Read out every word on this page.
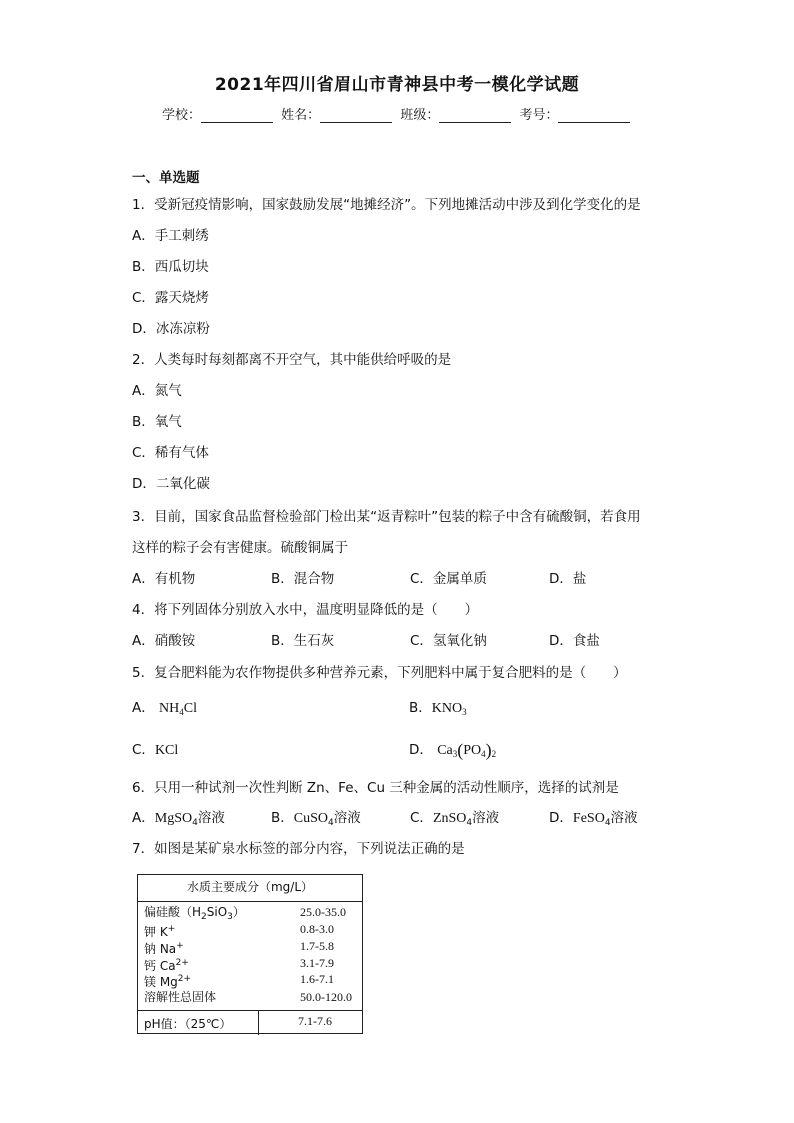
2021年四川省眉山市青神县中考一模化学试题
学校：	姓名：	班级：	考号：
一、单选题
1．受新冠疫情影响，国家鼓励发展“地摊经济”。下列地摊活动中涉及到化学变化的是
A．手工刺绣
B．西瓜切块
C．露天烧烤
D．冰冻凉粉
2．人类每时每刻都离不开空气，其中能供给呼吸的是
A．氮气
B．氧气
C．稀有气体
D．二氧化碳
3．目前，国家食品监督检验部门检出某“返青粽叶”包装的粽子中含有硫酸铜，若食用
这样的粽子会有害健康。硫酸铜属于
A．有机物	B．混合物	C．金属单质	D．盐
4．将下列固体分别放入水中，温度明显降低的是（　　）
A．硝酸铵	B．生石灰	C．氢氧化钠	D．食盐
5．复合肥料能为农作物提供多种营养元素，下列肥料中属于复合肥料的是（　　）
A． $NH_4Cl$	B．$KNO_3$
C．KCl	D． $Ca_3(PO_4)_2$
6．只用一种试剂一次性判断 Zn、Fe、Cu 三种金属的活动性顺序，选择的试剂是
A．MgSO$_4$溶液	B．CuSO$_4$溶液	C．ZnSO$_4$溶液	D．FeSO$_4$溶液
7．如图是某矿泉水标签的部分内容，下列说法正确的是
水质主要成分（mg/L）
偏硅酸$(H_2SiO_3)$	25.0-35.0
钾 K+	0.8-3.0
钠 Na+	1.7-5.8
钙 $Ca^{2+}$	3.1-7.9
镁 $Mg^{2+}$	1.6-7.1
溶解性总固体	50.0-120.0
pH值：（25℃）	7.1-7.6
